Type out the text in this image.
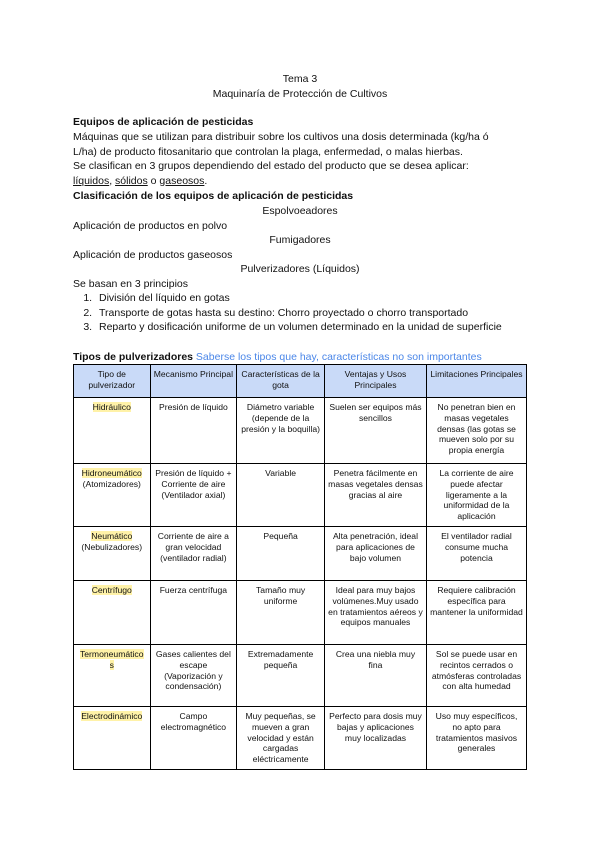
Tema 3
Maquinaría de Protección de Cultivos
Equipos de aplicación de pesticidas
Máquinas que se utilizan para distribuir sobre los cultivos una dosis determinada (kg/ha ó
L/ha) de producto fitosanitario que controlan la plaga, enfermedad, o malas hierbas.
Se clasifican en 3 grupos dependiendo del estado del producto que se desea aplicar:
líquidos, sólidos o gaseosos.
Clasificación de los equipos de aplicación de pesticidas
Espolvoeadores
Aplicación de productos en polvo
Fumigadores
Aplicación de productos gaseosos
Pulverizadores (Líquidos)
Se basan en 3 principios
1. División del líquido en gotas
2. Transporte de gotas hasta su destino: Chorro proyectado o chorro transportado
3. Reparto y dosificación uniforme de un volumen determinado en la unidad de superficie
Tipos de pulverizadores Saberse los tipos que hay, características no son importantes
Tipo de pulverizador	Mecanismo Principal	Características de la gota	Ventajas y Usos Principales	Limitaciones Principales
Hidráulico	Presión de líquido	Diámetro variable (depende de la presión y la boquilla)	Suelen ser equipos más sencillos	No penetran bien en masas vegetales densas (las gotas se mueven solo por su propia energía
Hidroneumático
(Atomizadores)	Presión de líquido + Corriente de aire (Ventilador axial)	Variable	Penetra fácilmente en masas vegetales densas gracias al aire	La corriente de aire puede afectar ligeramente a la uniformidad de la aplicación
Neumático
(Nebulizadores)	Corriente de aire a gran velocidad (ventilador radial)	Pequeña	Alta penetración, ideal para aplicaciones de bajo volumen	El ventilador radial consume mucha potencia
Centrífugo	Fuerza centrífuga	Tamaño muy uniforme	Ideal para muy bajos volúmenes.Muy usado en tratamientos aéreos y equipos manuales	Requiere calibración específica para mantener la uniformidad
Termoneumático s	Gases calientes del escape (Vaporización y condensación)	Extremadamente pequeña	Crea una niebla muy fina	Sol se puede usar en recintos cerrados o atmósferas controladas con alta humedad
Electrodinámico	Campo electromagnético	Muy pequeñas, se mueven a gran velocidad y están cargadas eléctricamente	Perfecto para dosis muy bajas y aplicaciones muy localizadas	Uso muy específicos, no apto para tratamientos masivos generales
